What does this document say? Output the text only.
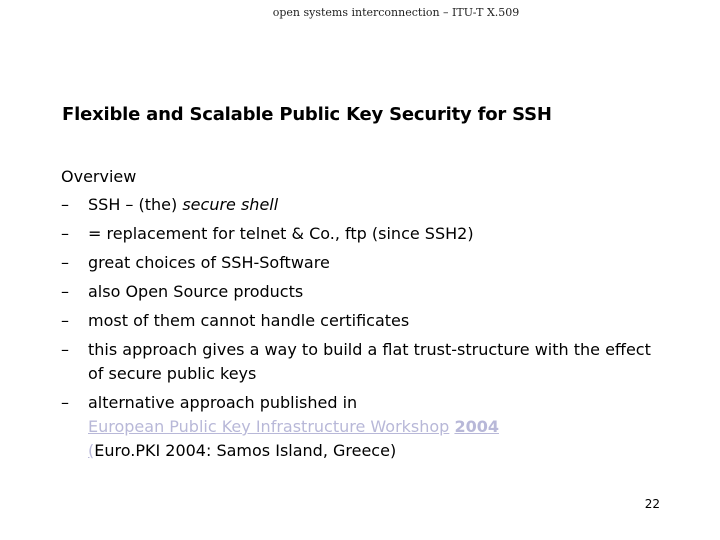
open systems interconnection – ITU-T X.509
Flexible and Scalable Public Key Security for SSH
Overview
– SSH – (the) secure shell
– = replacement for telnet & Co., ftp (since SSH2)
– great choices of SSH-Software
– also Open Source products
– most of them cannot handle certificates
– this approach gives a way to build a flat trust-structure with the effect of secure public keys
– alternative approach published in
European Public Key Infrastructure Workshop 2004
(Euro.PKI 2004: Samos Island, Greece)
22
